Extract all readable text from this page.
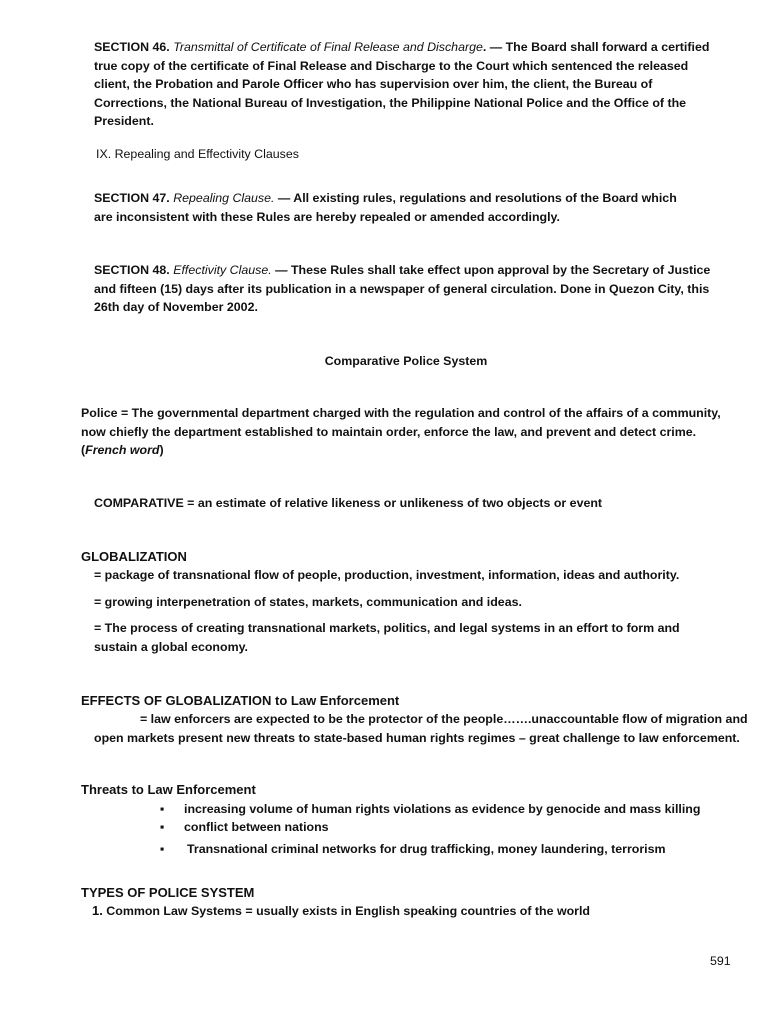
SECTION 46. Transmittal of Certificate of Final Release and Discharge. — The Board shall forward a certified true copy of the certificate of Final Release and Discharge to the Court which sentenced the released client, the Probation and Parole Officer who has supervision over him, the client, the Bureau of Corrections, the National Bureau of Investigation, the Philippine National Police and the Office of the President.
IX. Repealing and Effectivity Clauses
SECTION 47. Repealing Clause. — All existing rules, regulations and resolutions of the Board which are inconsistent with these Rules are hereby repealed or amended accordingly.
SECTION 48. Effectivity Clause. — These Rules shall take effect upon approval by the Secretary of Justice and fifteen (15) days after its publication in a newspaper of general circulation. Done in Quezon City, this 26th day of November 2002.
Comparative Police System
Police = The governmental department charged with the regulation and control of the affairs of a community, now chiefly the department established to maintain order, enforce the law, and prevent and detect crime. (French word)
COMPARATIVE = an estimate of relative likeness or unlikeness of two objects or event
GLOBALIZATION
= package of transnational flow of people, production, investment, information, ideas and authority.
= growing interpenetration of states, markets, communication and ideas.
= The process of creating transnational markets, politics, and legal systems in an effort to form and sustain a global economy.
EFFECTS OF GLOBALIZATION to Law Enforcement
= law enforcers are expected to be the protector of the people…….unaccountable flow of migration and
open markets present new threats to state-based human rights regimes – great challenge to law enforcement.
Threats to Law Enforcement
▪ increasing volume of human rights violations as evidence by genocide and mass killing
▪ conflict between nations
▪ Transnational criminal networks for drug trafficking, money laundering, terrorism
TYPES OF POLICE SYSTEM
1. Common Law Systems = usually exists in English speaking countries of the world
591
